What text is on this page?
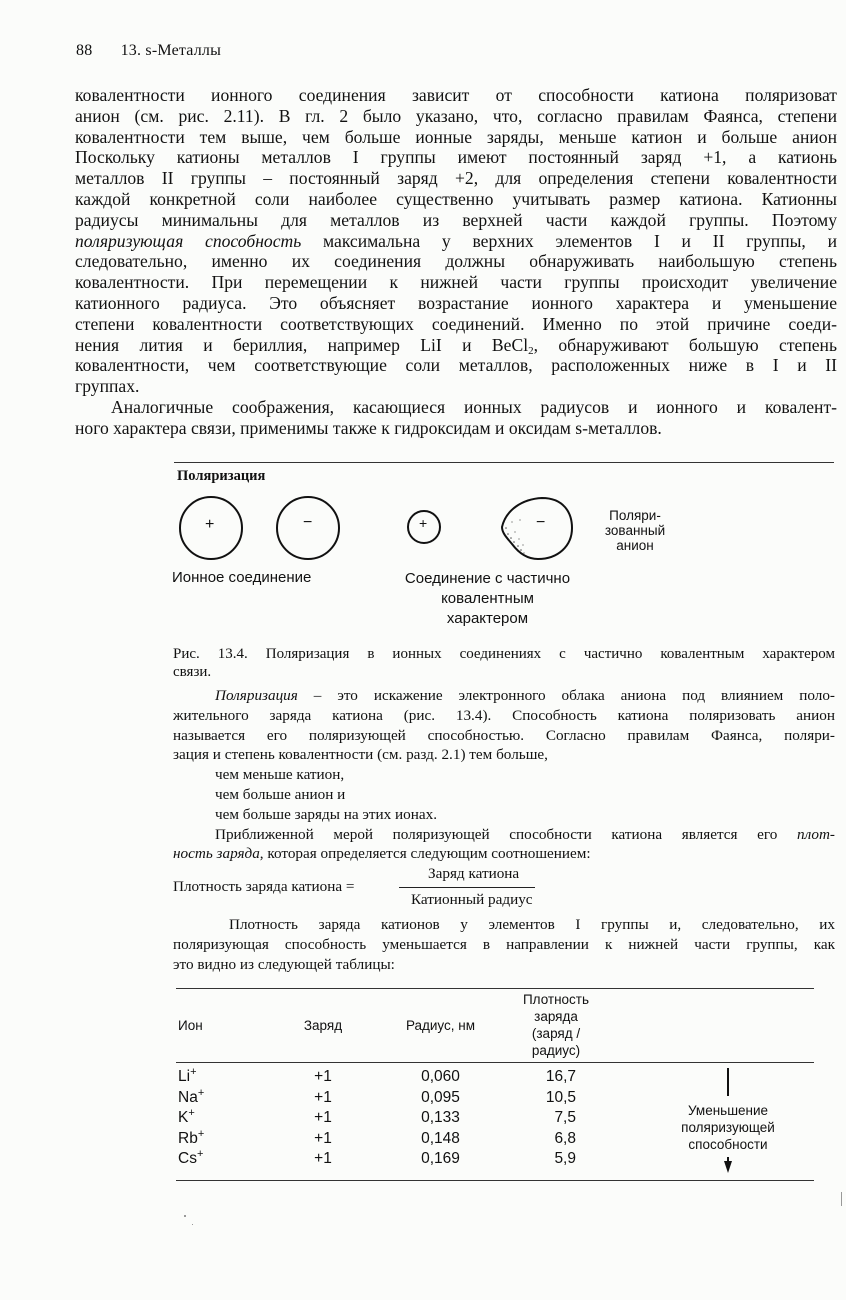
88 13. s-Металлы
ковалентности ионного соединения зависит от способности катиона поляризоват
анион (см. рис. 2.11). В гл. 2 было указано, что, согласно правилам Фаянса, степени
ковалентности тем выше, чем больше ионные заряды, меньше катион и больше анион
Поскольку катионы металлов I группы имеют постоянный заряд +1, а катионь
металлов II группы – постоянный заряд +2, для определения степени ковалентности
каждой конкретной соли наиболее существенно учитывать размер катиона. Катионны
радиусы минимальны для металлов из верхней части каждой группы. Поэтому
поляризующая способность максимальна у верхних элементов I и II группы, и
следовательно, именно их соединения должны обнаруживать наибольшую степень
ковалентности. При перемещении к нижней части группы происходит увеличение
катионного радиуса. Это объясняет возрастание ионного характера и уменьшение
степени ковалентности соответствующих соединений. Именно по этой причине соеди-
нения лития и бериллия, например LiI и BeCl$_2$, обнаруживают большую степень
ковалентности, чем соответствующие соли металлов, расположенных ниже в I и II
группах.
Аналогичные соображения, касающиеся ионных радиусов и ионного и ковалент-
ного характера связи, применимы также к гидроксидам и оксидам s-металлов.
Поляризация
+	−	+	−	Поляри-
зованный
анион
Ионное соединение	Соединение с частично
ковалентным
характером
Рис. 13.4. Поляризация в ионных соединениях с частично ковалентным характером
связи.
Поляризация – это искажение электронного облака аниона под влиянием поло-
жительного заряда катиона (рис. 13.4). Способность катиона поляризовать анион
называется его поляризующей способностью. Согласно правилам Фаянса, поляри-
зация и степень ковалентности (см. разд. 2.1) тем больше,
чем меньше катион,
чем больше анион и
чем больше заряды на этих ионах.
Приближенной мерой поляризующей способности катиона является его плот-
ность заряда, которая определяется следующим соотношением:
Плотность заряда катиона =
Заряд катиона
Катионный радиус
Плотность заряда катионов у элементов I группы и, следовательно, их
поляризующая способность уменьшается в направлении к нижней части группы, как
это видно из следующей таблицы:
Ион	Заряд	Радиус, нм	Плотность
заряда
(заряд / радиус)	

Li+	+1	0,060	16,7	
Na+	+1	0,095	10,5	
K+	+1	0,133	7,5	
Rb+	+1	0,148	6,8	
Cs+	+1	0,169	5,9	
Уменьшение
поляризующей
способности
